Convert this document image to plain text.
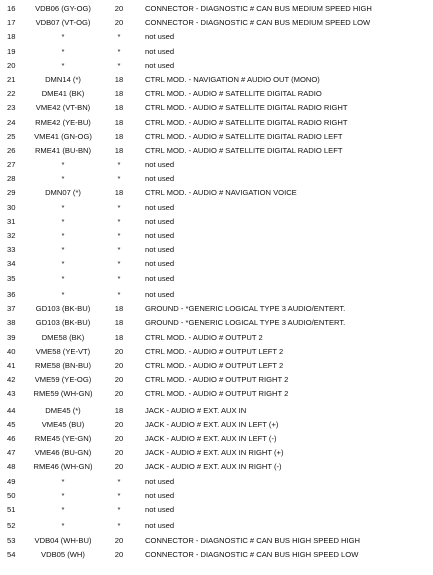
16	VDB06 (GY-OG)	20	CONNECTOR - DIAGNOSTIC # CAN BUS MEDIUM SPEED HIGH
17	VDB07 (VT-OG)	20	CONNECTOR - DIAGNOSTIC # CAN BUS MEDIUM SPEED LOW
18	*	*	not used
19	*	*	not used
20	*	*	not used
21	DMN14 (*)	18	CTRL MOD. - NAVIGATION # AUDIO OUT (MONO)
22	DME41 (BK)	18	CTRL MOD. - AUDIO # SATELLITE DIGITAL RADIO
23	VME42 (VT-BN)	18	CTRL MOD. - AUDIO # SATELLITE DIGITAL RADIO RIGHT
24	RME42 (YE-BU)	18	CTRL MOD. - AUDIO # SATELLITE DIGITAL RADIO RIGHT
25	VME41 (GN-OG)	18	CTRL MOD. - AUDIO # SATELLITE DIGITAL RADIO LEFT
26	RME41 (BU-BN)	18	CTRL MOD. - AUDIO # SATELLITE DIGITAL RADIO LEFT
27	*	*	not used
28	*	*	not used
29	DMN07 (*)	18	CTRL MOD. - AUDIO # NAVIGATION VOICE
30	*	*	not used
31	*	*	not used
32	*	*	not used
33	*	*	not used
34	*	*	not used
35	*	*	not used
36	*	*	not used
37	GD103 (BK-BU)	18	GROUND - *GENERIC LOGICAL TYPE 3 AUDIO/ENTERT.
38	GD103 (BK-BU)	18	GROUND - *GENERIC LOGICAL TYPE 3 AUDIO/ENTERT.
39	DME58 (BK)	18	CTRL MOD. - AUDIO # OUTPUT 2
40	VME58 (YE-VT)	20	CTRL MOD. - AUDIO # OUTPUT LEFT 2
41	RME58 (BN-BU)	20	CTRL MOD. - AUDIO # OUTPUT LEFT 2
42	VME59 (YE-OG)	20	CTRL MOD. - AUDIO # OUTPUT RIGHT 2
43	RME59 (WH-GN)	20	CTRL MOD. - AUDIO # OUTPUT RIGHT 2
44	DME45 (*)	18	JACK - AUDIO # EXT. AUX IN
45	VME45 (BU)	20	JACK - AUDIO # EXT. AUX IN LEFT (+)
46	RME45 (YE-GN)	20	JACK - AUDIO # EXT. AUX IN LEFT (-)
47	VME46 (BU-GN)	20	JACK - AUDIO # EXT. AUX IN RIGHT (+)
48	RME46 (WH-GN)	20	JACK - AUDIO # EXT. AUX IN RIGHT (-)
49	*	*	not used
50	*	*	not used
51	*	*	not used
52	*	*	not used
53	VDB04 (WH-BU)	20	CONNECTOR - DIAGNOSTIC # CAN BUS HIGH SPEED HIGH
54	VDB05 (WH)	20	CONNECTOR - DIAGNOSTIC # CAN BUS HIGH SPEED LOW
